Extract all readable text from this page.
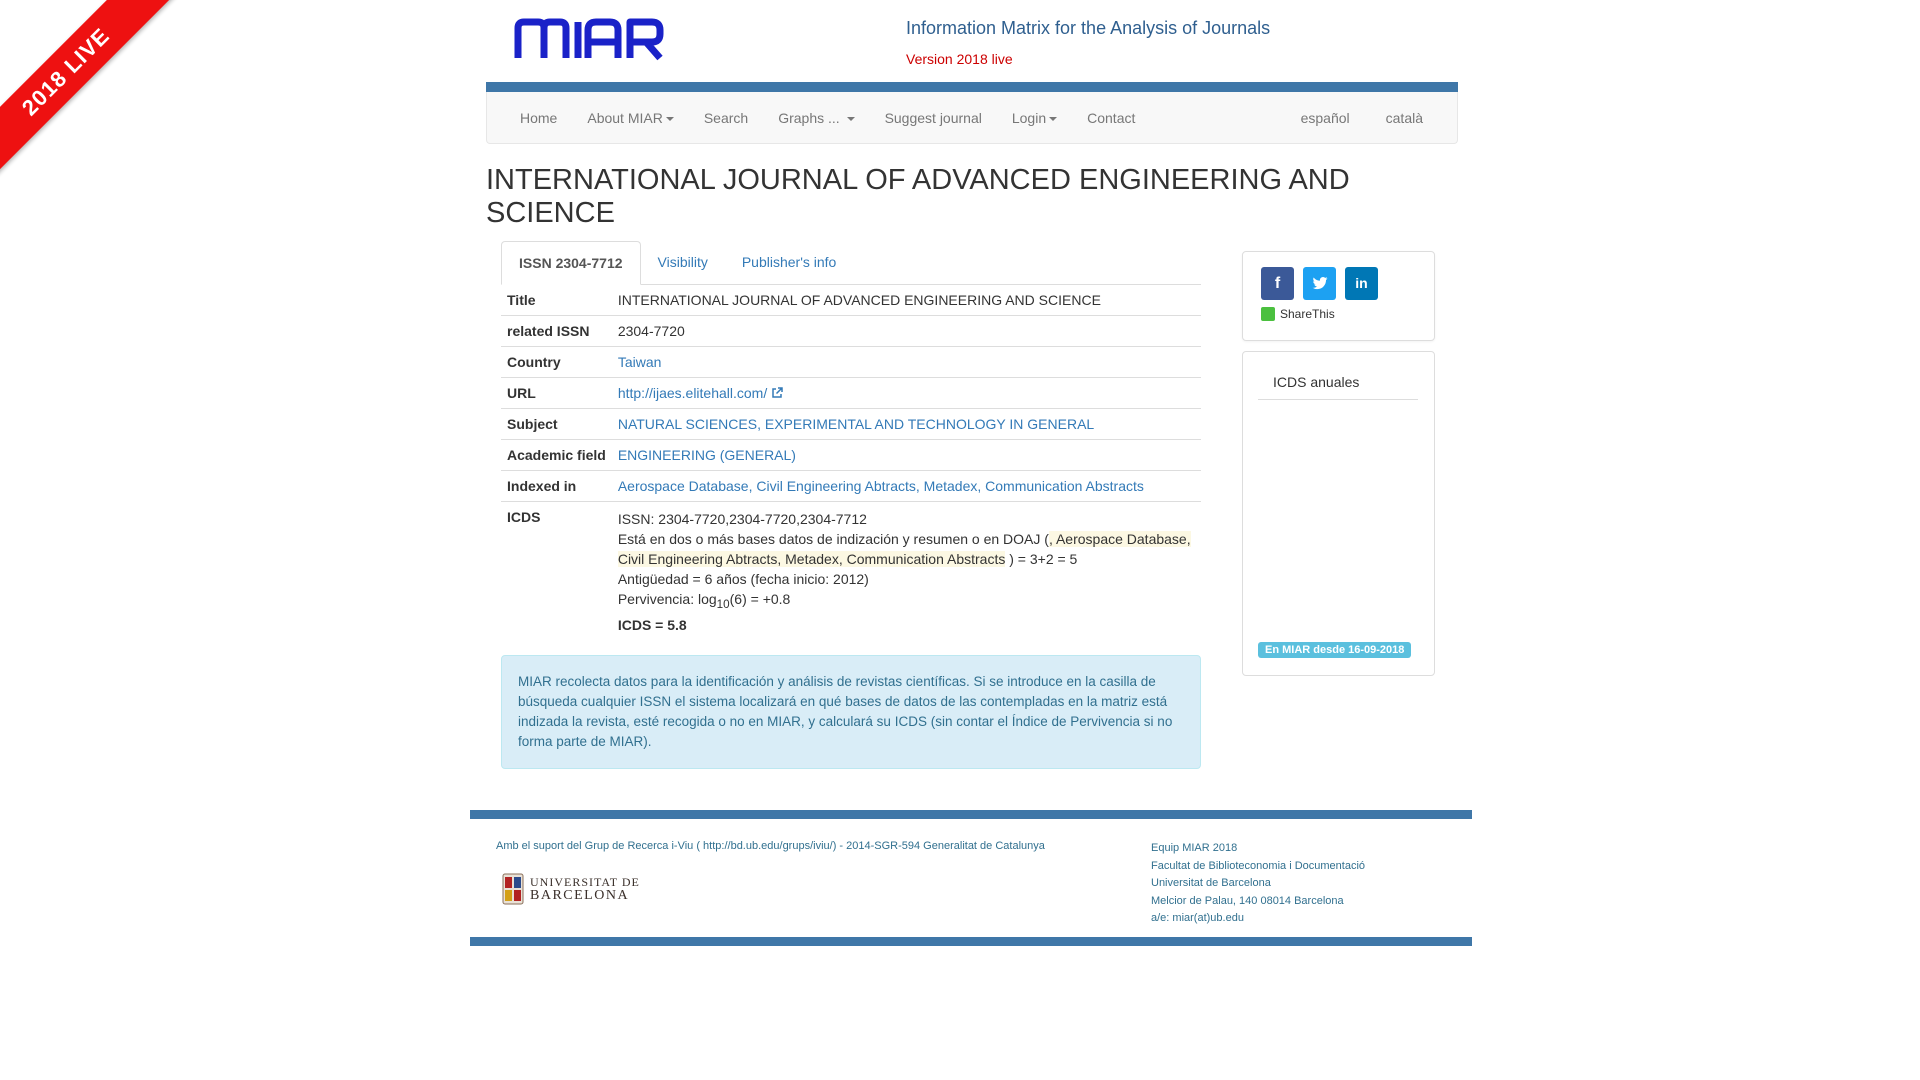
2018 LIVE	Information Matrix for the Analysis of Journals
Version 2018 live
Home About MIAR	Search Graphs ...	Suggest journal Login	Contact	español	català
INTERNATIONAL JOURNAL OF ADVANCED ENGINEERING AND SCIENCE
ISSN 2304-7712	Visibility	Publisher's info
Title	INTERNATIONAL JOURNAL OF ADVANCED ENGINEERING AND SCIENCE
related ISSN	2304-7720
Country	Taiwan
URL	http://ijaes.elitehall.com/
Subject	NATURAL SCIENCES, EXPERIMENTAL AND TECHNOLOGY IN GENERAL
Academic field	ENGINEERING (GENERAL)
Indexed in	Aerospace Database, Civil Engineering Abtracts, Metadex, Communication Abstracts
ICDS	ISSN: 2304-7720,2304-7720,2304-7712
Está en dos o más bases datos de indización y resumen o en DOAJ (, Aerospace Database, Civil Engineering Abtracts, Metadex, Communication Abstracts ) = 3+2 = 5
Antigüedad = 6 años (fecha inicio: 2012)
Pervivencia: $\log_{10}(6) = +0.8$
ICDS = 5.8
MIAR recolecta datos para la identificación y análisis de revistas científicas. Si se introduce en la casilla de búsqueda cualquier ISSN el sistema localizará en qué bases de datos de las contempladas en la matriz está indizada la revista, esté recogida o no en MIAR, y calculará su ICDS (sin contar el Índice de Pervivencia si no forma parte de MIAR).
f	in
ShareThis
ICDS anuales
En MIAR desde 16-09-2018
Amb el suport del Grup de Recerca i-Viu ( http://bd.ub.edu/grups/iviu/) - 2014-SGR-594 Generalitat de Catalunya
UNIVERSITAT DE
BARCELONA
Equip MIAR 2018
Facultat de Biblioteconomia i Documentació
Universitat de Barcelona
Melcior de Palau, 140 08014 Barcelona
a/e: miar(at)ub.edu
